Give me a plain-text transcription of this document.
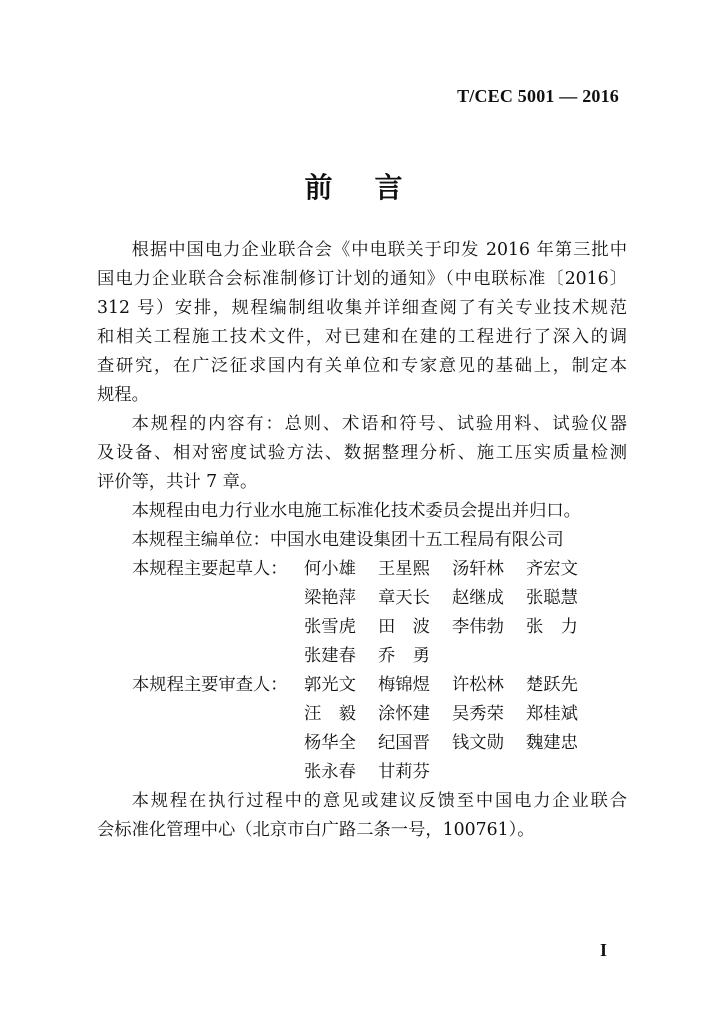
T/CEC 5001 — 2016
前言
根据中国电力企业联合会《中电联关于印发 2016 年第三批中
国电力企业联合会标准制修订计划的通知》（中电联标准〔2016〕
312 号）安排，规程编制组收集并详细查阅了有关专业技术规范
和相关工程施工技术文件，对已建和在建的工程进行了深入的调
查研究，在广泛征求国内有关单位和专家意见的基础上，制定本
规程。
本规程的内容有：总则、术语和符号、试验用料、试验仪器
及设备、相对密度试验方法、数据整理分析、施工压实质量检测
评价等，共计 7 章。
本规程由电力行业水电施工标准化技术委员会提出并归口。
本规程主编单位：中国水电建设集团十五工程局有限公司
本规程主要起草人： 何小雄	王星熙	汤轩林	齐宏文
梁艳萍	章天长	赵继成	张聪慧
张雪虎	田　波	李伟勃	张　力
张建春	乔　勇
本规程主要审查人： 郭光文	梅锦煜	许松林	楚跃先
汪　毅	涂怀建	吴秀荣	郑桂斌
杨华全	纪国晋	钱文勋	魏建忠
张永春	甘莉芬
本规程在执行过程中的意见或建议反馈至中国电力企业联合
会标准化管理中心（北京市白广路二条一号，100761）。
I
